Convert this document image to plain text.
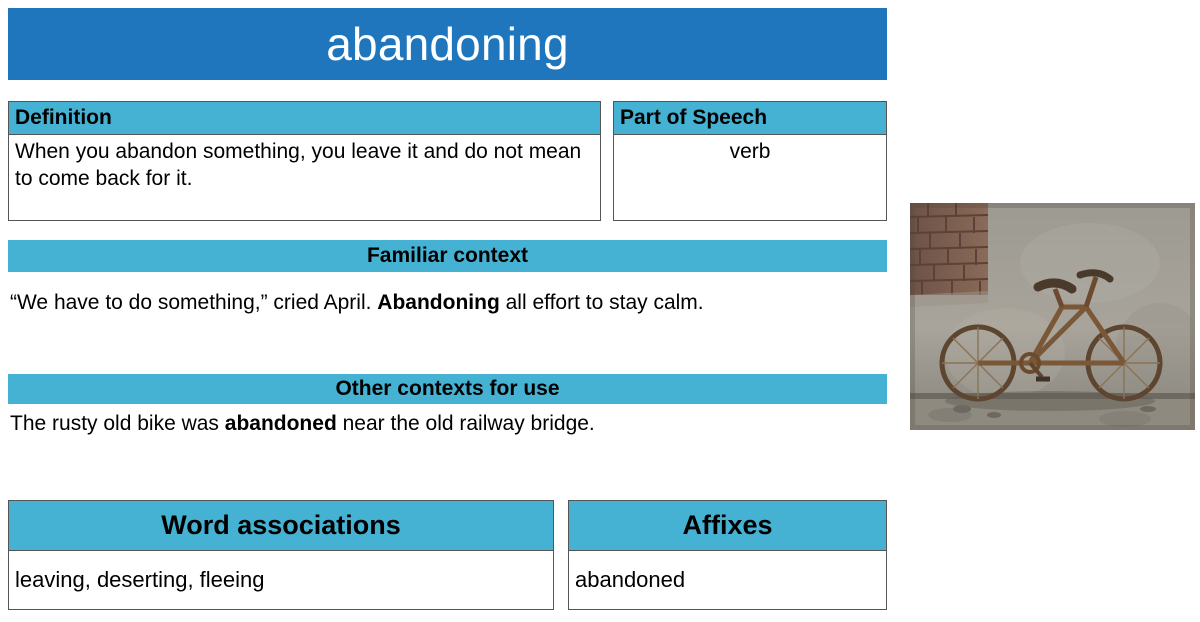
abandoning
Definition
When you abandon something, you leave it and do not mean to come back for it.
Part of Speech
verb
Familiar context
“We have to do something,” cried April. Abandoning all effort to stay calm.
Other contexts for use
The rusty old bike was abandoned near the old railway bridge.
Word associations
leaving, deserting, fleeing
Affixes
abandoned
